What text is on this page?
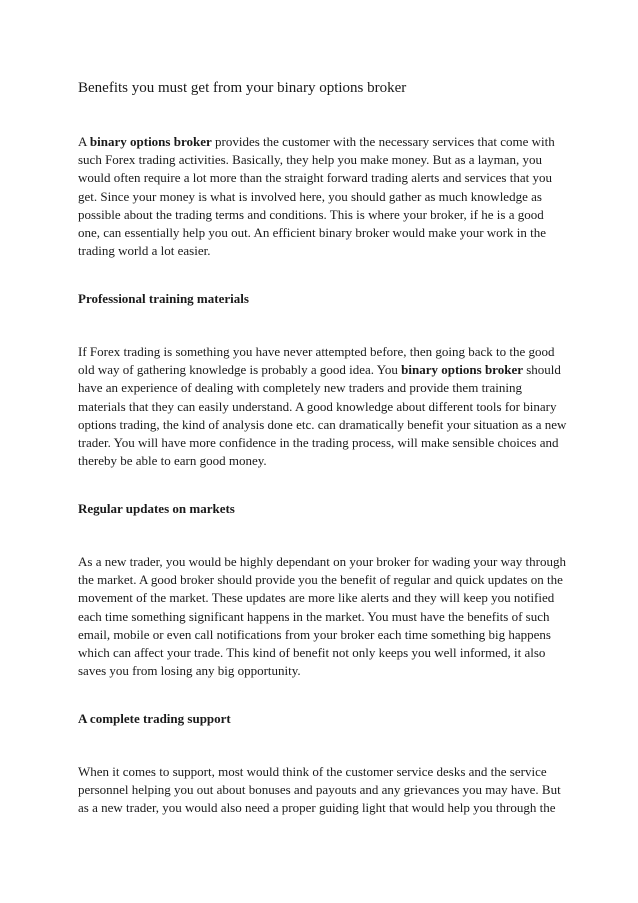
Benefits you must get from your binary options broker

A binary options broker provides the customer with the necessary services that come with such Forex trading activities. Basically, they help you make money. But as a layman, you would often require a lot more than the straight forward trading alerts and services that you get. Since your money is what is involved here, you should gather as much knowledge as possible about the trading terms and conditions. This is where your broker, if he is a good one, can essentially help you out. An efficient binary broker would make your work in the trading world a lot easier.

Professional training materials

If Forex trading is something you have never attempted before, then going back to the good old way of gathering knowledge is probably a good idea. You binary options broker should have an experience of dealing with completely new traders and provide them training materials that they can easily understand. A good knowledge about different tools for binary options trading, the kind of analysis done etc. can dramatically benefit your situation as a new trader. You will have more confidence in the trading process, will make sensible choices and thereby be able to earn good money.

Regular updates on markets

As a new trader, you would be highly dependant on your broker for wading your way through the market. A good broker should provide you the benefit of regular and quick updates on the movement of the market. These updates are more like alerts and they will keep you notified each time something significant happens in the market. You must have the benefits of such email, mobile or even call notifications from your broker each time something big happens which can affect your trade. This kind of benefit not only keeps you well informed, it also saves you from losing any big opportunity.

A complete trading support

When it comes to support, most would think of the customer service desks and the service personnel helping you out about bonuses and payouts and any grievances you may have. But as a new trader, you would also need a proper guiding light that would help you through the
